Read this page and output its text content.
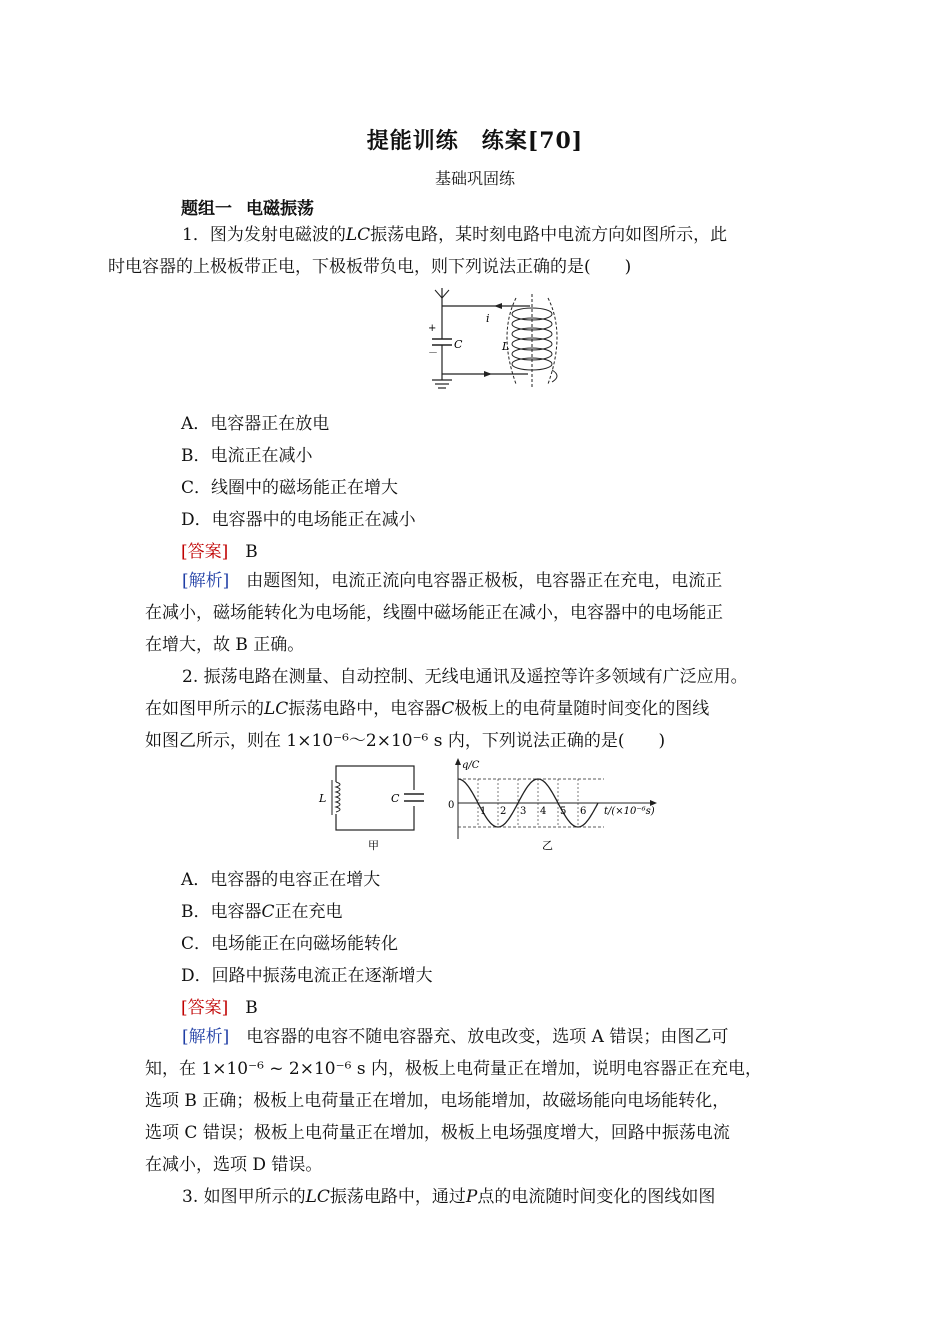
提能训练　练案[70]
基础巩固练
题组一 电磁振荡
1．图为发射电磁波的LC振荡电路，某时刻电路中电流方向如图所示，此
时电容器的上极板带正电，下极板带负电，则下列说法正确的是(　　)
+
－
C	L
i
A．电容器正在放电
B．电流正在减小
C．线圈中的磁场能正在增大
D．电容器中的电场能正在减小
[答案]　 B
[解析]　 由题图知，电流正流向电容器正极板，电容器正在充电，电流正
在减小，磁场能转化为电场能，线圈中磁场能正在减小，电容器中的电场能正
在增大，故 B 正确。
2. 振荡电路在测量、自动控制、无线电通讯及遥控等许多领域有广泛应用。
在如图甲所示的LC振荡电路中，电容器C极板上的电荷量随时间变化的图线
如图乙所示，则在 1×10⁻⁶～2×10⁻⁶ s 内，下列说法正确的是(　　)
L	C
甲
1 2 3 4 5 6
q/C
0
t/(×10⁻⁶s)
乙
A．电容器的电容正在增大
B．电容器C正在充电
C．电场能正在向磁场能转化
D．回路中振荡电流正在逐渐增大
[答案]　 B
[解析]　 电容器的电容不随电容器充、放电改变，选项 A 错误；由图乙可
知，在 1×10⁻⁶ ~ 2×10⁻⁶ s 内，极板上电荷量正在增加，说明电容器正在充电，
选项 B 正确；极板上电荷量正在增加，电场能增加，故磁场能向电场能转化，
选项 C 错误；极板上电荷量正在增加，极板上电场强度增大，回路中振荡电流
在减小，选项 D 错误。
3. 如图甲所示的LC振荡电路中，通过P点的电流随时间变化的图线如图
